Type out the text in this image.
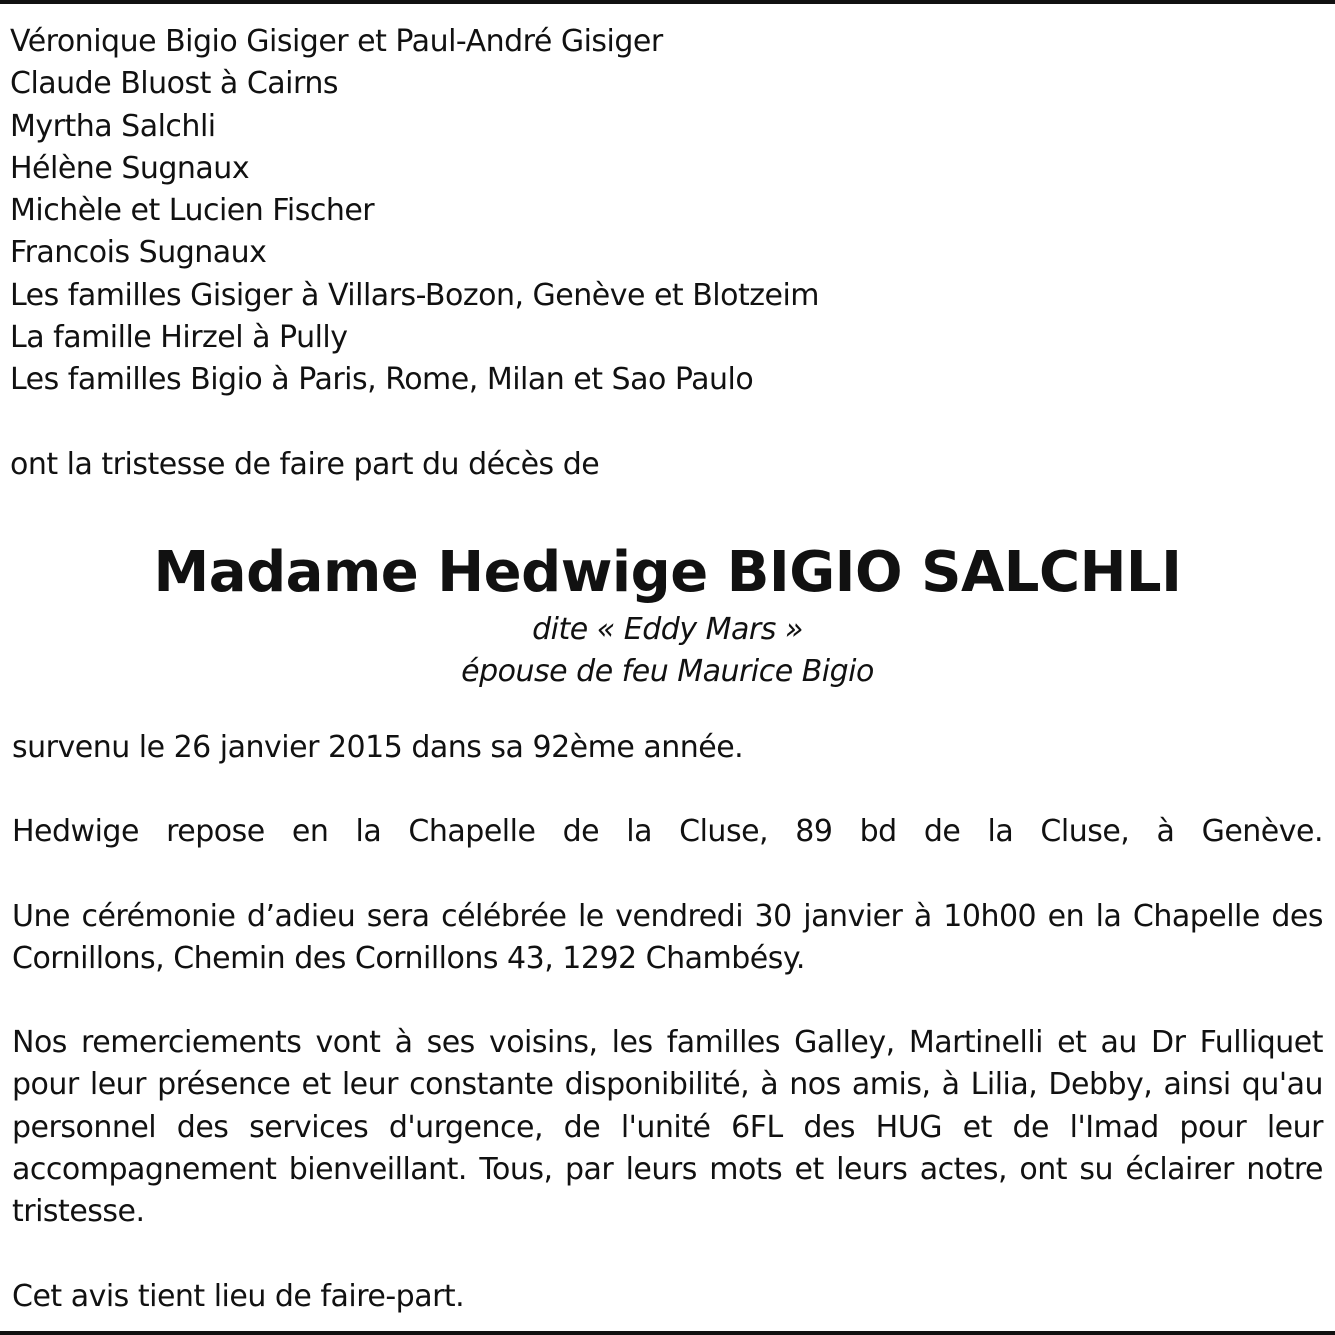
Véronique Bigio Gisiger et Paul-André Gisiger
Claude Bluost à Cairns
Myrtha Salchli
Hélène Sugnaux
Michèle et Lucien Fischer
Francois Sugnaux
Les familles Gisiger à Villars-Bozon, Genève et Blotzeim
La famille Hirzel à Pully
Les familles Bigio à Paris, Rome, Milan et Sao Paulo
ont la tristesse de faire part du décès de
Madame Hedwige BIGIO SALCHLI
dite « Eddy Mars »
épouse de feu Maurice Bigio

survenu le 26 janvier 2015 dans sa 92ème année.

Hedwige repose en la Chapelle de la Cluse, 89 bd de la Cluse, à Genève.

Une cérémonie d’adieu sera célébrée le vendredi 30 janvier à 10h00 en la Chapelle des Cornillons, Chemin des Cornillons 43, 1292 Chambésy.

Nos remerciements vont à ses voisins, les familles Galley, Martinelli et au Dr Fulliquet pour leur présence et leur constante disponibilité, à nos amis, à Lilia, Debby, ainsi qu'au personnel des services d'urgence, de l'unité 6FL des HUG et de l'Imad pour leur accompagnement bienveillant. Tous, par leurs mots et leurs actes, ont su éclairer notre tristesse.

Cet avis tient lieu de faire-part.
